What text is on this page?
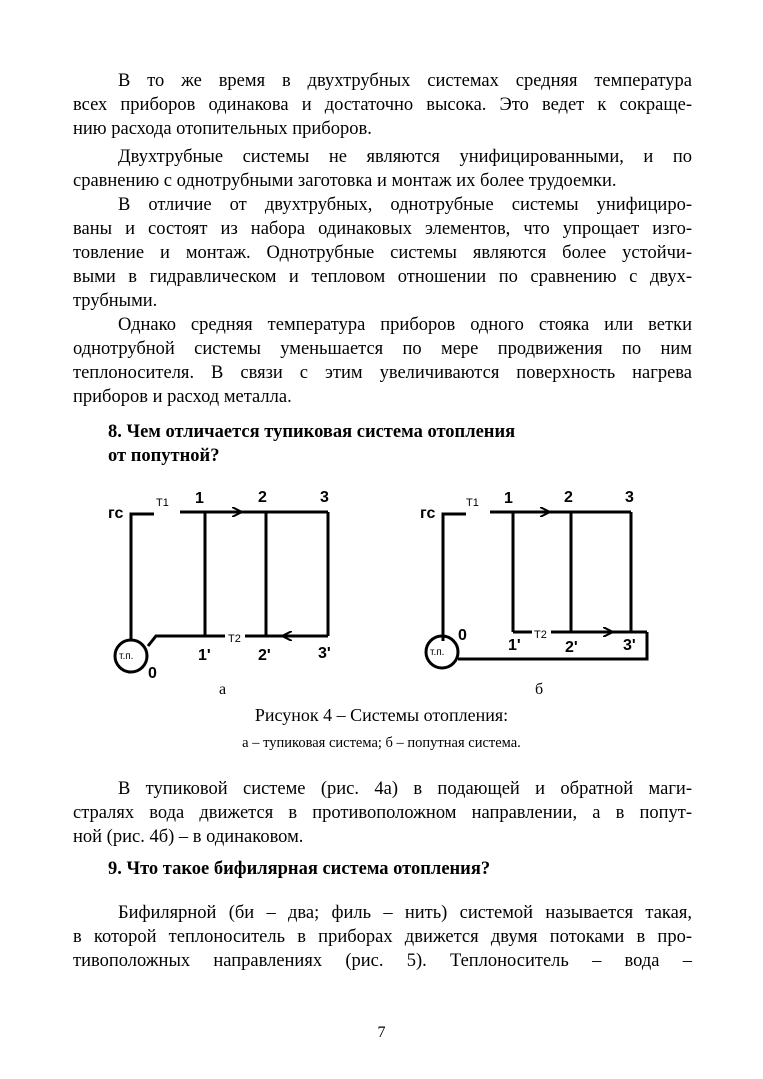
В то же время в двухтрубных системах средняя температура
всех приборов одинакова и достаточно высока. Это ведет к сокраще-
нию расхода отопительных приборов.

Двухтрубные системы не являются унифицированными, и по
сравнению с однотрубными заготовка и монтаж их более трудоемки.

В отличие от двухтрубных, однотрубные системы унифициро-
ваны и состоят из набора одинаковых элементов, что упрощает изго-
товление и монтаж. Однотрубные системы являются более устойчи-
выми в гидравлическом и тепловом отношении по сравнению с двух-
трубными.

Однако средняя температура приборов одного стояка или ветки
однотрубной системы уменьшается по мере продвижения по ним
теплоносителя. В связи с этим увеличиваются поверхность нагрева
приборов и расход металла.

8. Чем отличается тупиковая система отопления
от попутной?
гс
T1 1	2	3
T2
1'	2'	3'
т.п.
0
гс
T1 1	2	3
T2
1'	2'	3'
т.п.
0
а	б
Рисунок 4 – Системы отопления:
а – тупиковая система; б – попутная система.

В тупиковой системе (рис. 4а) в подающей и обратной маги-
стралях вода движется в противоположном направлении, а в попут-
ной (рис. 4б) – в одинаковом.

9. Что такое бифилярная система отопления?

Бифилярной (би – два; филь – нить) системой называется такая,
в которой теплоноситель в приборах движется двумя потоками в про-
тивоположных направлениях (рис. 5). Теплоноситель – вода –

7
